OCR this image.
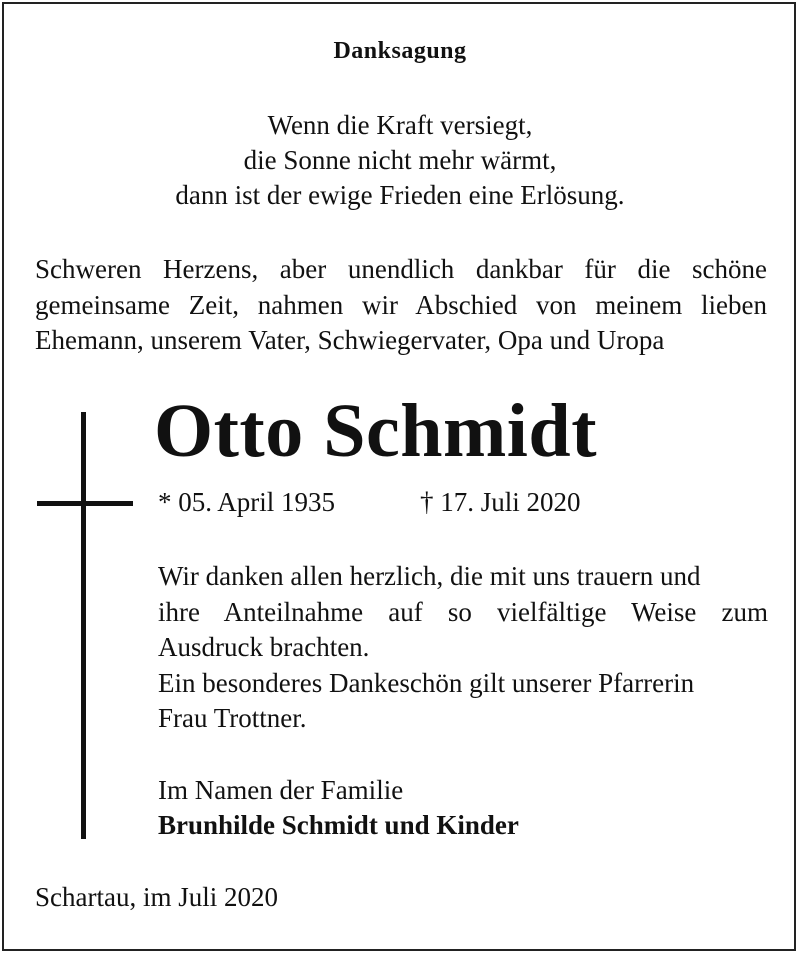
Danksagung
Wenn die Kraft versiegt,
die Sonne nicht mehr wärmt,
dann ist der ewige Frieden eine Erlösung.
Schweren Herzens, aber unendlich dankbar für die schöne
gemeinsame Zeit, nahmen wir Abschied von meinem lieben
Ehemann, unserem Vater, Schwiegervater, Opa und Uropa
Otto Schmidt
* 05. April 1935	† 17. Juli 2020
Wir danken allen herzlich, die mit uns trauern und
ihre Anteilnahme auf so vielfältige Weise zum
Ausdruck brachten.
Ein besonderes Dankeschön gilt unserer Pfarrerin
Frau Trottner.
Im Namen der Familie
Brunhilde Schmidt und Kinder
Schartau, im Juli 2020
